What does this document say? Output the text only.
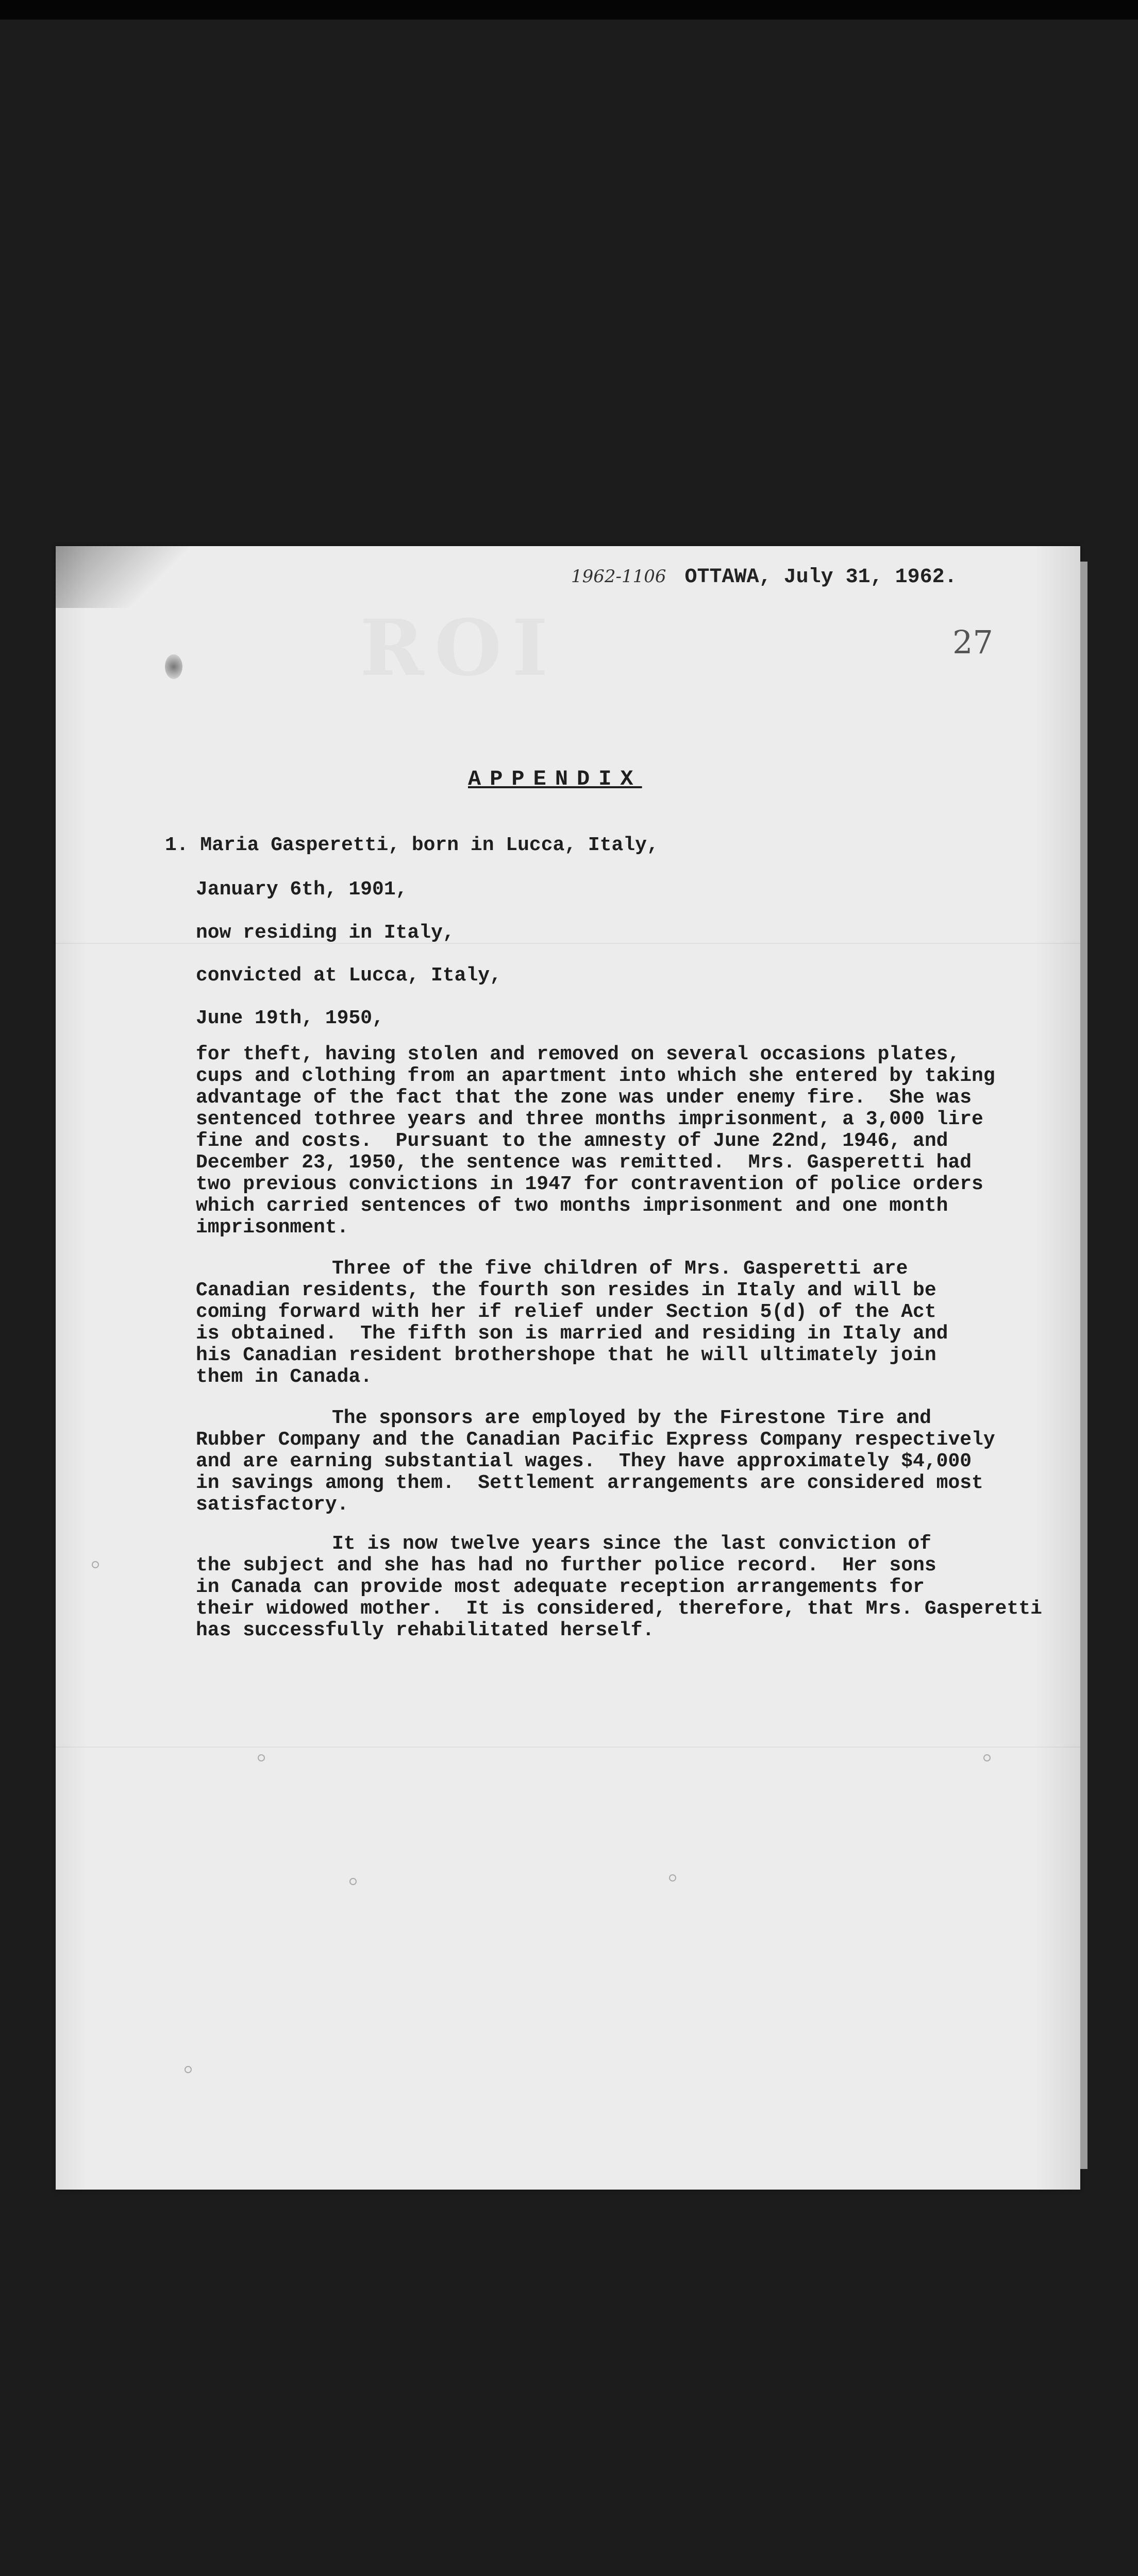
1962-1106 OTTAWA, July 31, 1962.
27
APPENDIX
1. Maria Gasperetti, born in Lucca, Italy,
January 6th, 1901,
now residing in Italy,
convicted at Lucca, Italy,
June 19th, 1950,
for theft, having stolen and removed on several occasions plates,
cups and clothing from an apartment into which she entered by taking
advantage of the fact that the zone was under enemy fire.  She was
sentenced tothree years and three months imprisonment, a 3,000 lire
fine and costs.  Pursuant to the amnesty of June 22nd, 1946, and
December 23, 1950, the sentence was remitted.  Mrs. Gasperetti had
two previous convictions in 1947 for contravention of police orders
which carried sentences of two months imprisonment and one month
imprisonment.
Three of the five children of Mrs. Gasperetti are
Canadian residents, the fourth son resides in Italy and will be
coming forward with her if relief under Section 5(d) of the Act
is obtained.  The fifth son is married and residing in Italy and
his Canadian resident brothershope that he will ultimately join
them in Canada.
The sponsors are employed by the Firestone Tire and
Rubber Company and the Canadian Pacific Express Company respectively
and are earning substantial wages.  They have approximately $4,000
in savings among them.  Settlement arrangements are considered most
satisfactory.
It is now twelve years since the last conviction of
the subject and she has had no further police record.  Her sons
in Canada can provide most adequate reception arrangements for
their widowed mother.  It is considered, therefore, that Mrs. Gasperetti
has successfully rehabilitated herself.
